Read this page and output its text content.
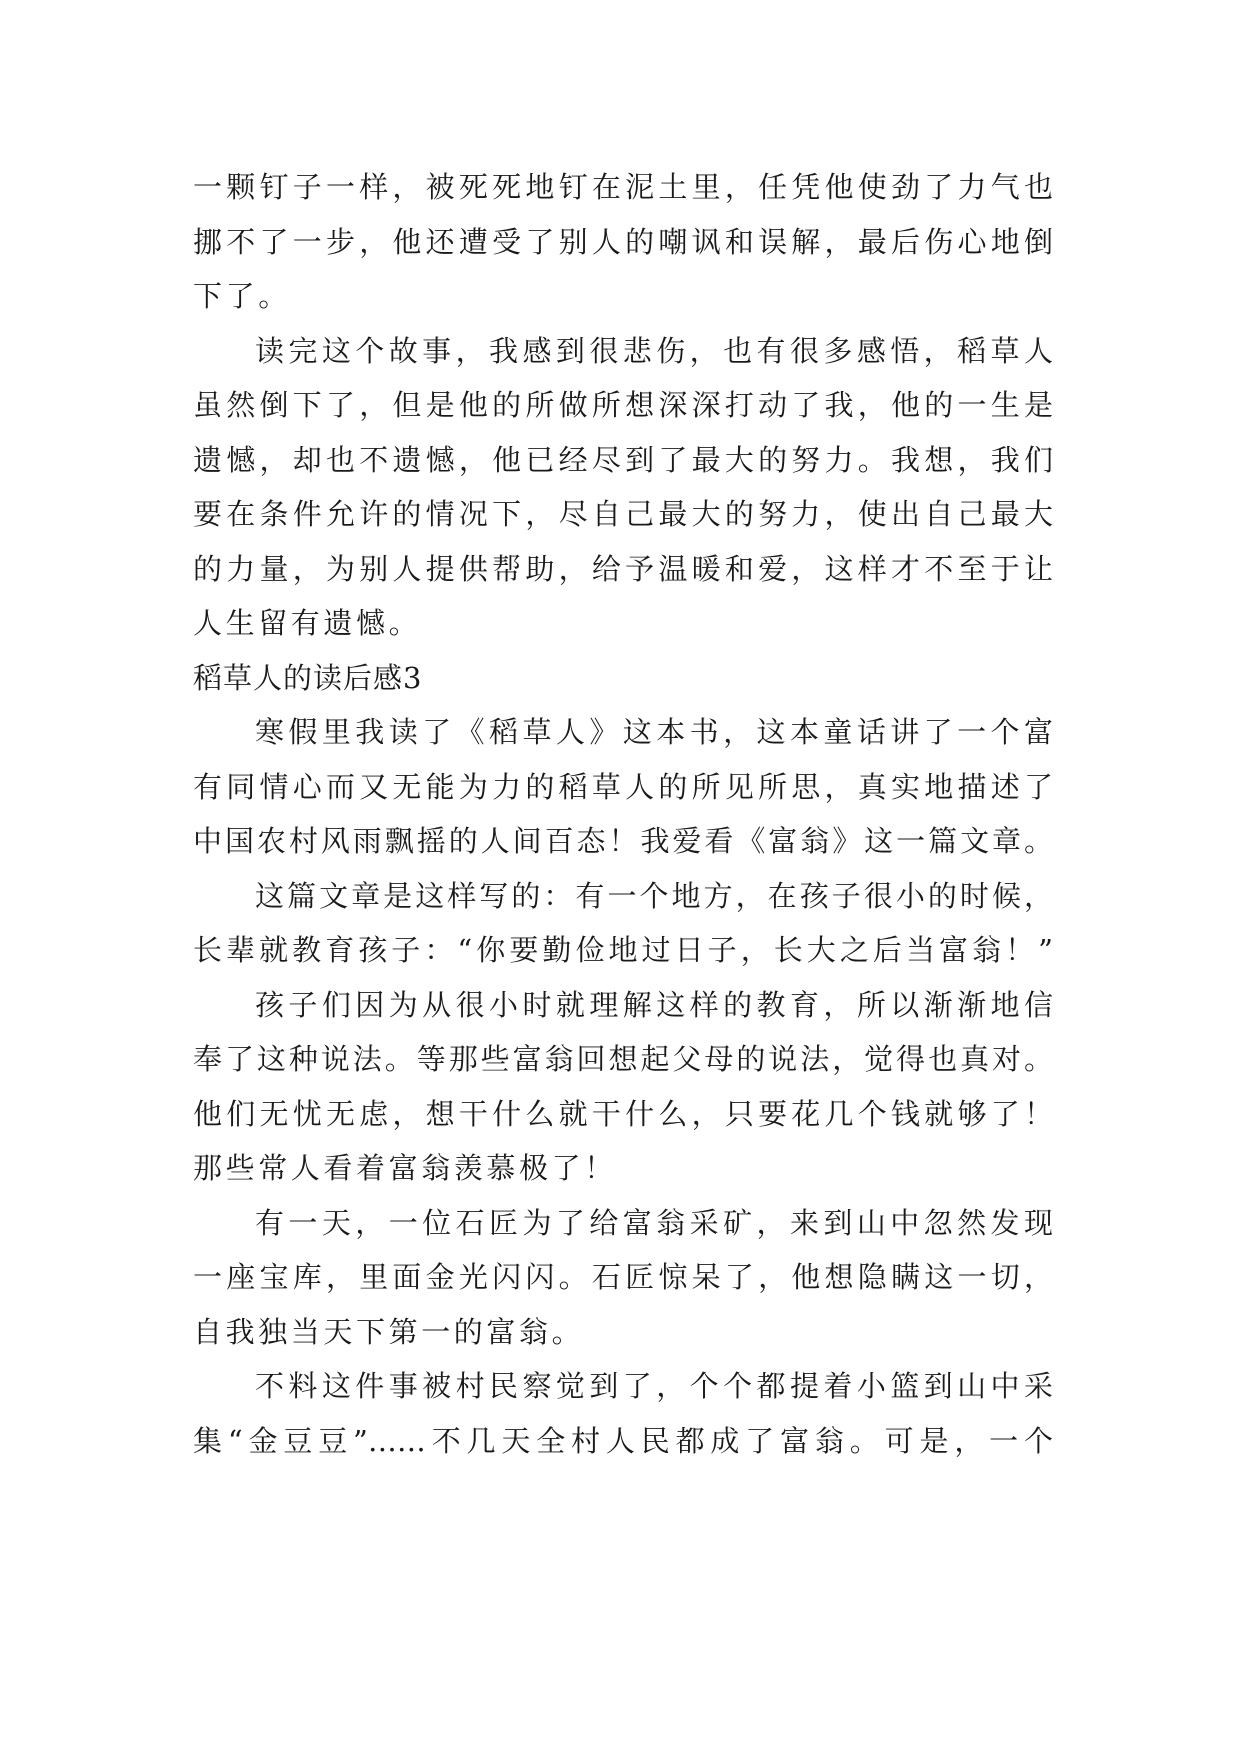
一颗钉子一样，被死死地钉在泥土里，任凭他使劲了力气也
挪不了一步，他还遭受了别人的嘲讽和误解，最后伤心地倒
下了。
读完这个故事，我感到很悲伤，也有很多感悟，稻草人
虽然倒下了，但是他的所做所想深深打动了我，他的一生是
遗憾，却也不遗憾，他已经尽到了最大的努力。我想，我们
要在条件允许的情况下，尽自己最大的努力，使出自己最大
的力量，为别人提供帮助，给予温暖和爱，这样才不至于让
人生留有遗憾。
稻草人的读后感3
寒假里我读了《稻草人》这本书，这本童话讲了一个富
有同情心而又无能为力的稻草人的所见所思，真实地描述了
中国农村风雨飘摇的人间百态！我爱看《富翁》这一篇文章。
这篇文章是这样写的：有一个地方，在孩子很小的时候，
长辈就教育孩子：“你要勤俭地过日子，长大之后当富翁！”
孩子们因为从很小时就理解这样的教育，所以渐渐地信
奉了这种说法。等那些富翁回想起父母的说法，觉得也真对。
他们无忧无虑，想干什么就干什么，只要花几个钱就够了！
那些常人看着富翁羡慕极了！
有一天，一位石匠为了给富翁采矿，来到山中忽然发现
一座宝库，里面金光闪闪。石匠惊呆了，他想隐瞒这一切，
自我独当天下第一的富翁。
不料这件事被村民察觉到了，个个都提着小篮到山中采
集“金豆豆”……不几天全村人民都成了富翁。可是，一个
